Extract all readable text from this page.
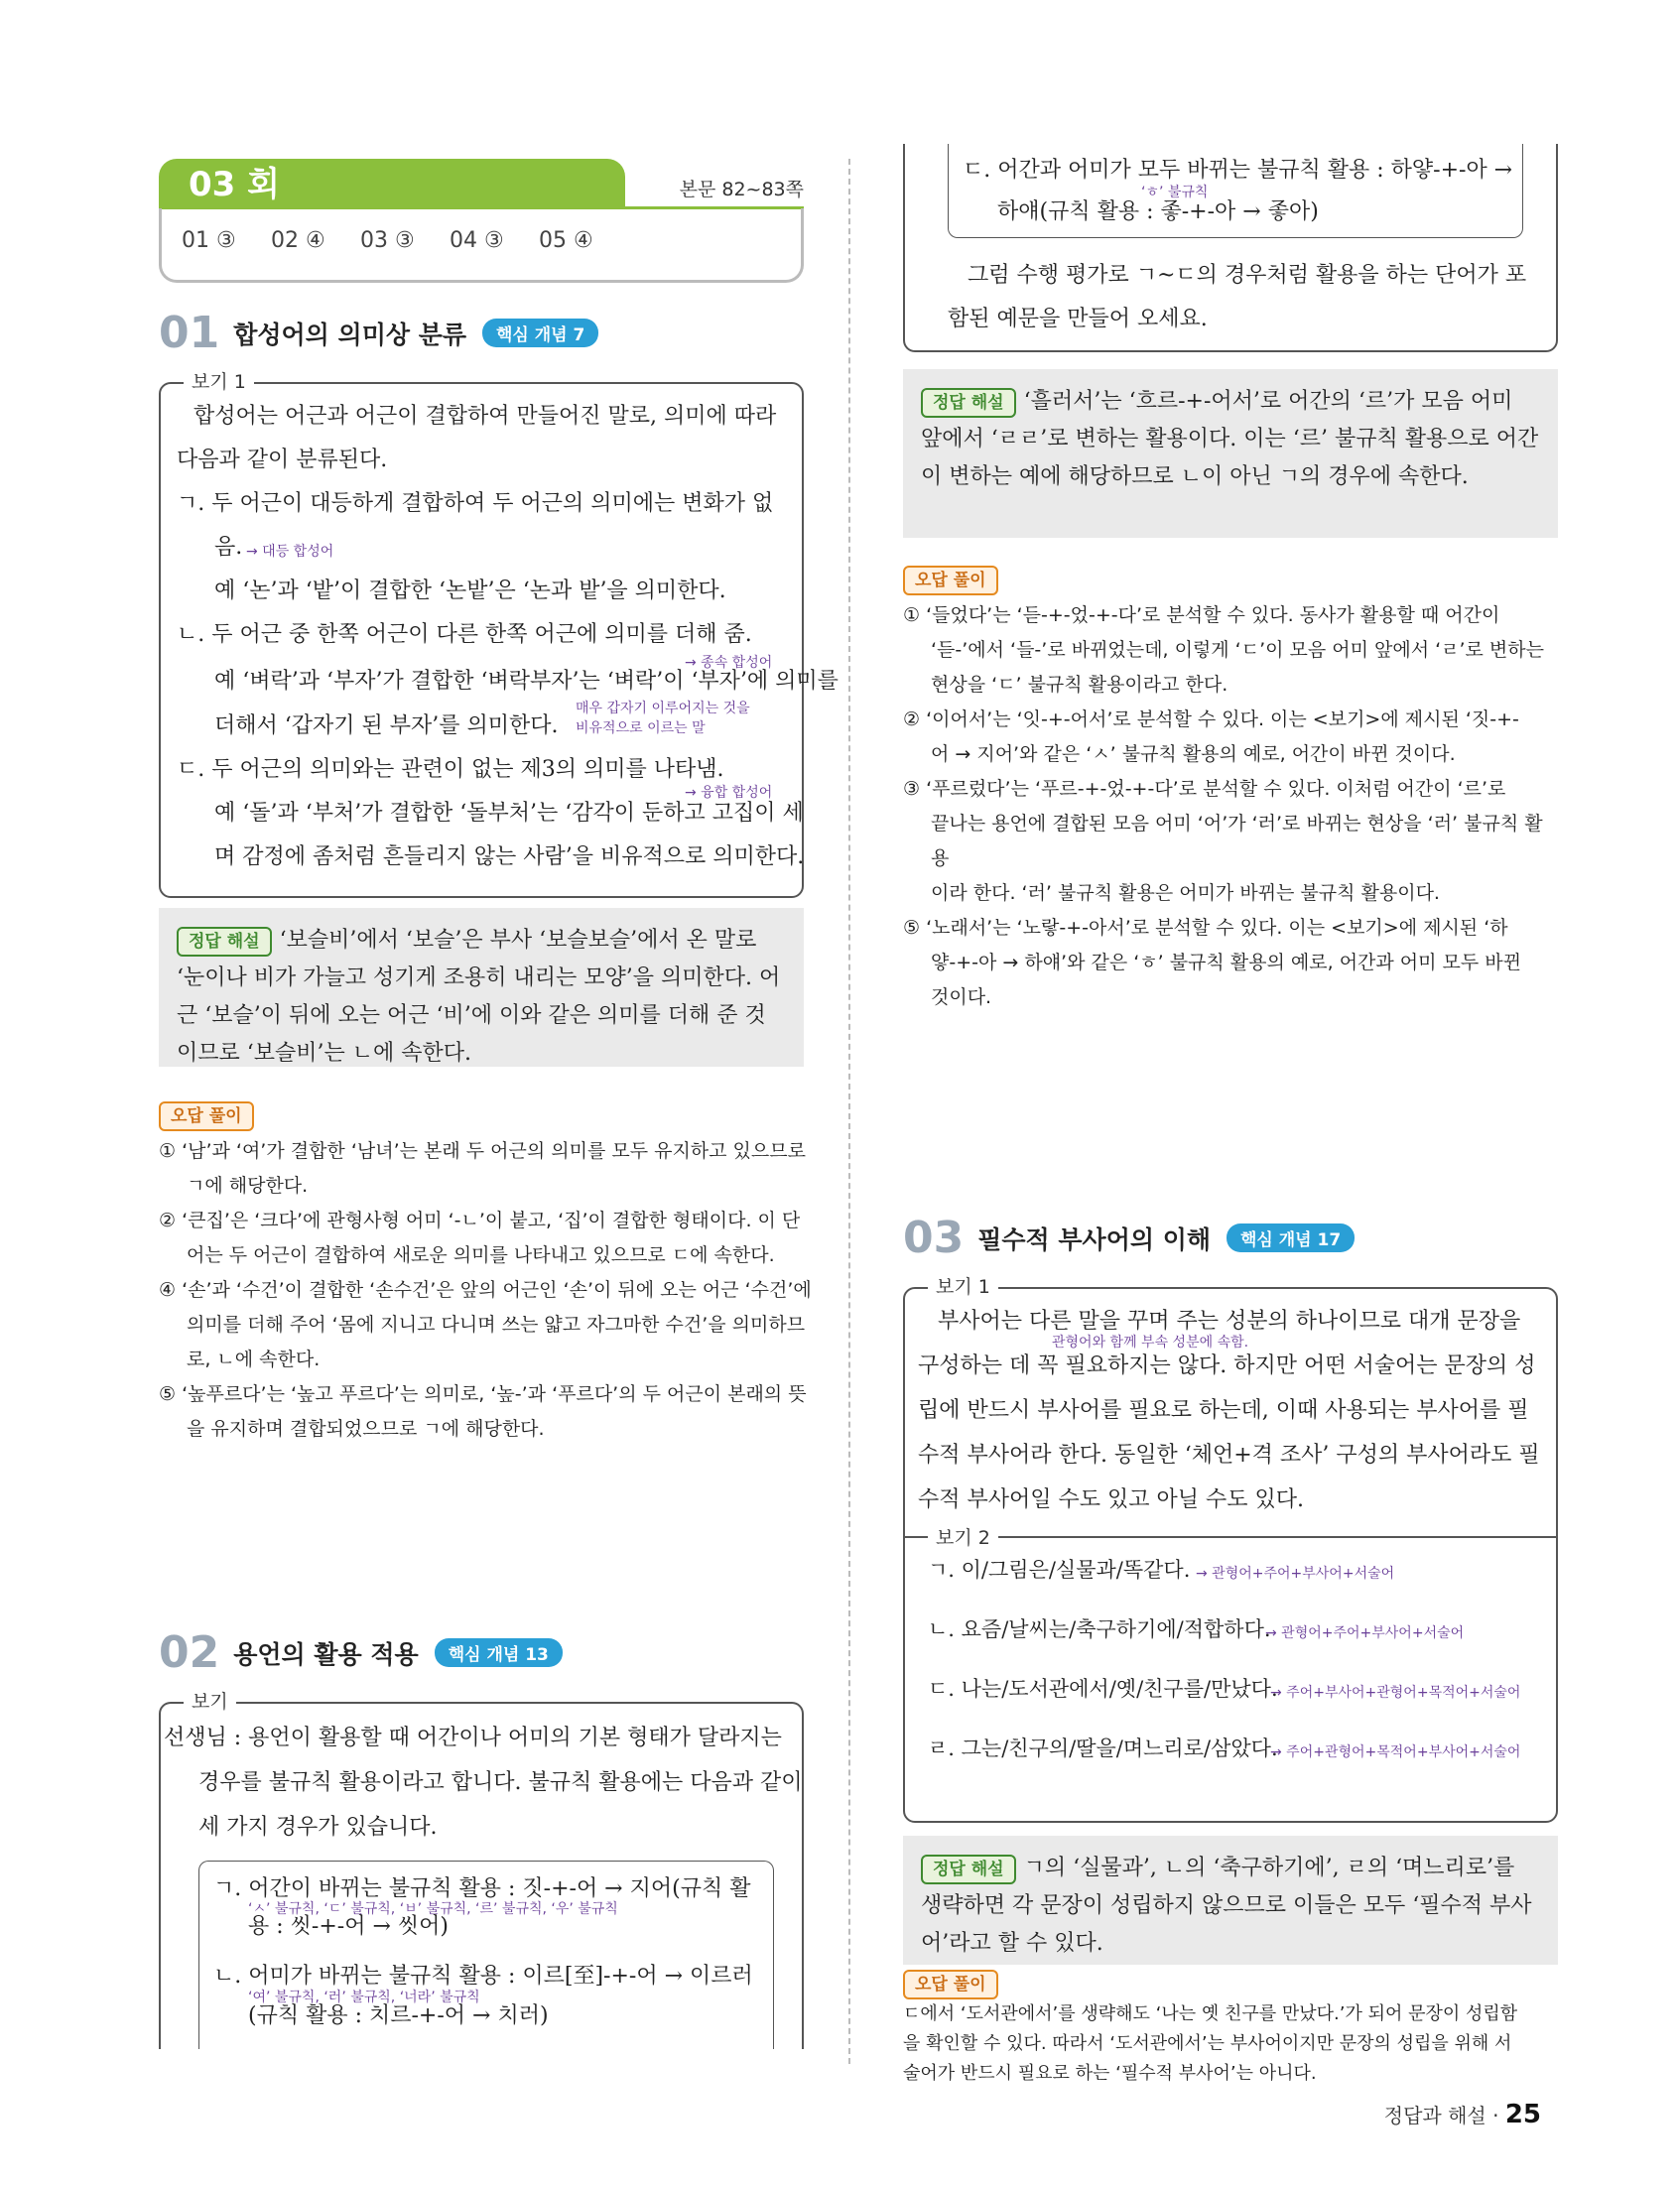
03 회	본문 82~83쪽
01 ③ 02 ④ 03 ③ 04 ③ 05 ④
01 합성어의 의미상 분류	핵심 개념 7
보기 1
합성어는 어근과 어근이 결합하여 만들어진 말로, 의미에 따라
다음과 같이 분류된다.
ㄱ. 두 어근이 대등하게 결합하여 두 어근의 의미에는 변화가 없
음. → 대등 합성어
예 ‘논’과 ‘밭’이 결합한 ‘논밭’은 ‘논과 밭’을 의미한다.
ㄴ. 두 어근 중 한쪽 어근이 다른 한쪽 어근에 의미를 더해 줌.
→ 종속 합성어
예 ‘벼락’과 ‘부자’가 결합한 ‘벼락부자’는 ‘벼락’이 ‘부자’에 의미를
더해서 ‘갑자기 된 부자’를 의미한다.
매우 갑자기 이루어지는 것을
비유적으로 이르는 말
ㄷ. 두 어근의 의미와는 관련이 없는 제3의 의미를 나타냄.
→ 융합 합성어
예 ‘돌’과 ‘부처’가 결합한 ‘돌부처’는 ‘감각이 둔하고 고집이 세
며 감정에 좀처럼 흔들리지 않는 사람’을 비유적으로 의미한다.
정답 해설 ‘보슬비’에서 ‘보슬’은 부사 ‘보슬보슬’에서 온 말로 ‘눈이나 비가 가늘고 성기게 조용히 내리는 모양’을 의미한다. 어근 ‘보슬’이 뒤에 오는 어근 ‘비’에 이와 같은 의미를 더해 준 것이므로 ‘보슬비’는 ㄴ에 속한다.
오답 풀이

① ‘남’과 ‘여’가 결합한 ‘남녀’는 본래 두 어근의 의미를 모두 유지하고 있으므로

ㄱ에 해당한다.

② ‘큰집’은 ‘크다’에 관형사형 어미 ‘-ㄴ’이 붙고, ‘집’이 결합한 형태이다. 이 단

어는 두 어근이 결합하여 새로운 의미를 나타내고 있으므로 ㄷ에 속한다.

④ ‘손’과 ‘수건’이 결합한 ‘손수건’은 앞의 어근인 ‘손’이 뒤에 오는 어근 ‘수건’에

의미를 더해 주어 ‘몸에 지니고 다니며 쓰는 얇고 자그마한 수건’을 의미하므

로, ㄴ에 속한다.

⑤ ‘높푸르다’는 ‘높고 푸르다’는 의미로, ‘높-’과 ‘푸르다’의 두 어근이 본래의 뜻

을 유지하며 결합되었으므로 ㄱ에 해당한다.

02 용언의 활용 적용	핵심 개념 13
보기
선생님 : 용언이 활용할 때 어간이나 어미의 기본 형태가 달라지는
경우를 불규칙 활용이라고 합니다. 불규칙 활용에는 다음과 같이
세 가지 경우가 있습니다.
ㄱ. 어간이 바뀌는 불규칙 활용 : 짓-+-어 → 지어(규칙 활
‘ㅅ’ 불규칙, ‘ㄷ’ 불규칙, ‘ㅂ’ 불규칙, ‘르’ 불규칙, ‘우’ 불규칙
용 : 씻-+-어 → 씻어)
ㄴ. 어미가 바뀌는 불규칙 활용 : 이르[至]-+-어 → 이르러
‘여’ 불규칙, ‘러’ 불규칙, ‘너라’ 불규칙
(규칙 활용 : 치르-+-어 → 치러)
ㄷ. 어간과 어미가 모두 바뀌는 불규칙 활용 : 하얗-+-아 →
‘ㅎ’ 불규칙
하얘(규칙 활용 : 좋-+-아 → 좋아)
그럼 수행 평가로 ㄱ~ㄷ의 경우처럼 활용을 하는 단어가 포
함된 예문을 만들어 오세요.
정답 해설 ‘흘러서’는 ‘흐르-+-어서’로 어간의 ‘르’가 모음 어미 앞에서 ‘ㄹㄹ’로 변하는 활용이다. 이는 ‘르’ 불규칙 활용으로 어간이 변하는 예에 해당하므로 ㄴ이 아닌 ㄱ의 경우에 속한다.
오답 풀이

① ‘들었다’는 ‘듣-+-었-+-다’로 분석할 수 있다. 동사가 활용할 때 어간이

‘듣-’에서 ‘들-’로 바뀌었는데, 이렇게 ‘ㄷ’이 모음 어미 앞에서 ‘ㄹ’로 변하는

현상을 ‘ㄷ’ 불규칙 활용이라고 한다.

② ‘이어서’는 ‘잇-+-어서’로 분석할 수 있다. 이는 <보기>에 제시된 ‘짓-+-

어 → 지어’와 같은 ‘ㅅ’ 불규칙 활용의 예로, 어간이 바뀐 것이다.

③ ‘푸르렀다’는 ‘푸르-+-었-+-다’로 분석할 수 있다. 이처럼 어간이 ‘르’로

끝나는 용언에 결합된 모음 어미 ‘어’가 ‘러’로 바뀌는 현상을 ‘러’ 불규칙 활용

이라 한다. ‘러’ 불규칙 활용은 어미가 바뀌는 불규칙 활용이다.

⑤ ‘노래서’는 ‘노랗-+-아서’로 분석할 수 있다. 이는 <보기>에 제시된 ‘하

얗-+-아 → 하얘’와 같은 ‘ㅎ’ 불규칙 활용의 예로, 어간과 어미 모두 바뀐

것이다.

03 필수적 부사어의 이해	핵심 개념 17
보기 1
부사어는 다른 말을 꾸며 주는 성분의 하나이므로 대개 문장을
관형어와 함께 부속 성분에 속함.
구성하는 데 꼭 필요하지는 않다. 하지만 어떤 서술어는 문장의 성
립에 반드시 부사어를 필요로 하는데, 이때 사용되는 부사어를 필
수적 부사어라 한다. 동일한 ‘체언+격 조사’ 구성의 부사어라도 필
수적 부사어일 수도 있고 아닐 수도 있다.
보기 2
ㄱ. 이/그림은/실물과/똑같다. → 관형어+주어+부사어+서술어
ㄴ. 요즘/날씨는/축구하기에/적합하다.
→ 관형어+주어+부사어+서술어
ㄷ. 나는/도서관에서/옛/친구를/만났다.
→ 주어+부사어+관형어+목적어+서술어
ㄹ. 그는/친구의/딸을/며느리로/삼았다.
→ 주어+관형어+목적어+부사어+서술어
정답 해설 ㄱ의 ‘실물과’, ㄴ의 ‘축구하기에’, ㄹ의 ‘며느리로’를 생략하면 각 문장이 성립하지 않으므로 이들은 모두 ‘필수적 부사어’라고 할 수 있다.
오답 풀이

ㄷ에서 ‘도서관에서’를 생략해도 ‘나는 옛 친구를 만났다.’가 되어 문장이 성립함

을 확인할 수 있다. 따라서 ‘도서관에서’는 부사어이지만 문장의 성립을 위해 서

술어가 반드시 필요로 하는 ‘필수적 부사어’는 아니다.

정답과 해설 · 25
